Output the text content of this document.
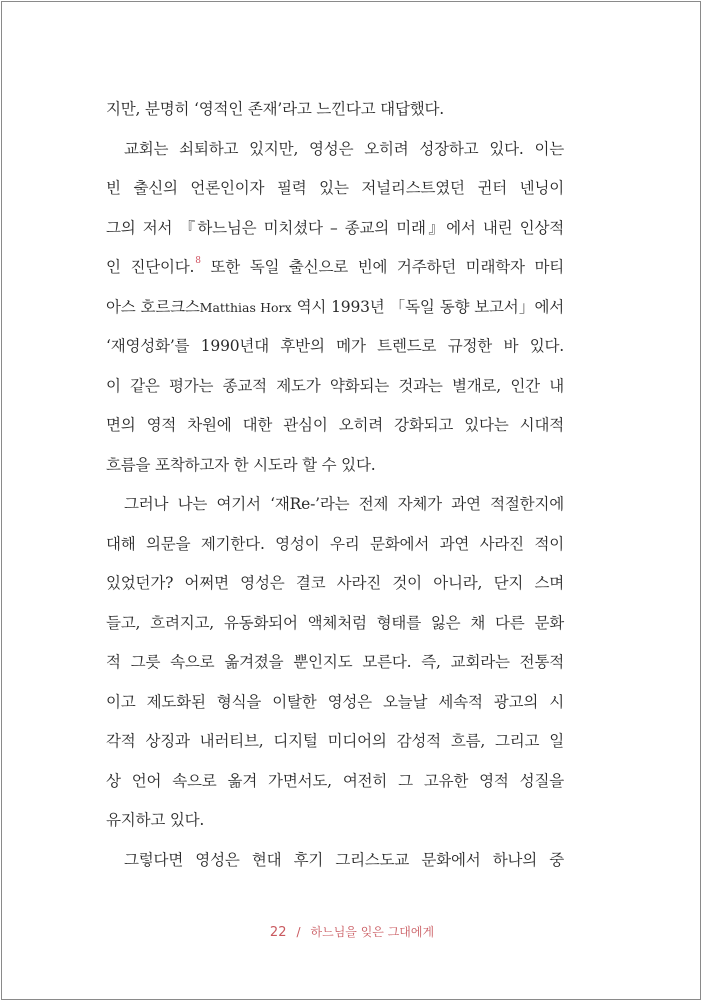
지만, 분명히 ‘영적인 존재’라고 느낀다고 대답했다.
교회는 쇠퇴하고 있지만, 영성은 오히려 성장하고 있다. 이는
빈 출신의 언론인이자 필력 있는 저널리스트였던 귄터 넨닝이
그의 저서 『하느님은 미치셨다 – 종교의 미래』에서 내린 인상적
인 진단이다.$^8$ 또한 독일 출신으로 빈에 거주하던 미래학자 마티
아스 호르크스Matthias Horx 역시 1993년 「독일 동향 보고서」에서
‘재영성화’를 1990년대 후반의 메가 트렌드로 규정한 바 있다.
이 같은 평가는 종교적 제도가 약화되는 것과는 별개로, 인간 내
면의 영적 차원에 대한 관심이 오히려 강화되고 있다는 시대적
흐름을 포착하고자 한 시도라 할 수 있다.
그러나 나는 여기서 ‘재Re-’라는 전제 자체가 과연 적절한지에
대해 의문을 제기한다. 영성이 우리 문화에서 과연 사라진 적이
있었던가? 어쩌면 영성은 결코 사라진 것이 아니라, 단지 스며
들고, 흐려지고, 유동화되어 액체처럼 형태를 잃은 채 다른 문화
적 그릇 속으로 옮겨졌을 뿐인지도 모른다. 즉, 교회라는 전통적
이고 제도화된 형식을 이탈한 영성은 오늘날 세속적 광고의 시
각적 상징과 내러티브, 디지털 미디어의 감성적 흐름, 그리고 일
상 언어 속으로 옮겨 가면서도, 여전히 그 고유한 영적 성질을
유지하고 있다.
그렇다면 영성은 현대 후기 그리스도교 문화에서 하나의 중
22 / 하느님을 잊은 그대에게
